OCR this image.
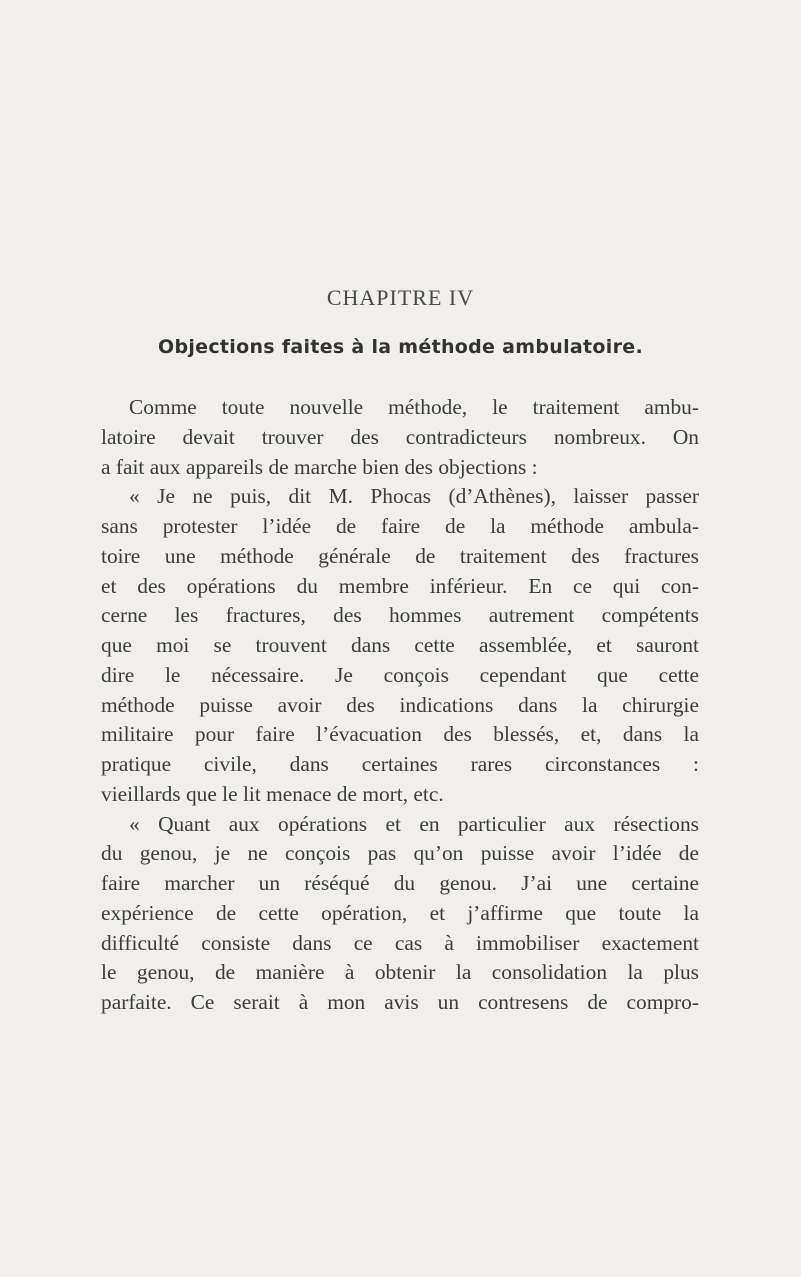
CHAPITRE IV
Objections faites à la méthode ambulatoire.
Comme toute nouvelle méthode, le traitement ambu-
latoire devait trouver des contradicteurs nombreux. On
a fait aux appareils de marche bien des objections :
« Je ne puis, dit M. Phocas (d’Athènes), laisser passer
sans protester l’idée de faire de la méthode ambula-
toire une méthode générale de traitement des fractures
et des opérations du membre inférieur. En ce qui con-
cerne les fractures, des hommes autrement compétents
que moi se trouvent dans cette assemblée, et sauront
dire le nécessaire. Je conçois cependant que cette
méthode puisse avoir des indications dans la chirurgie
militaire pour faire l’évacuation des blessés, et, dans la
pratique civile, dans certaines rares circonstances :
vieillards que le lit menace de mort, etc.
« Quant aux opérations et en particulier aux résections
du genou, je ne conçois pas qu’on puisse avoir l’idée de
faire marcher un réséqué du genou. J’ai une certaine
expérience de cette opération, et j’affirme que toute la
difficulté consiste dans ce cas à immobiliser exactement
le genou, de manière à obtenir la consolidation la plus
parfaite. Ce serait à mon avis un contresens de compro-
